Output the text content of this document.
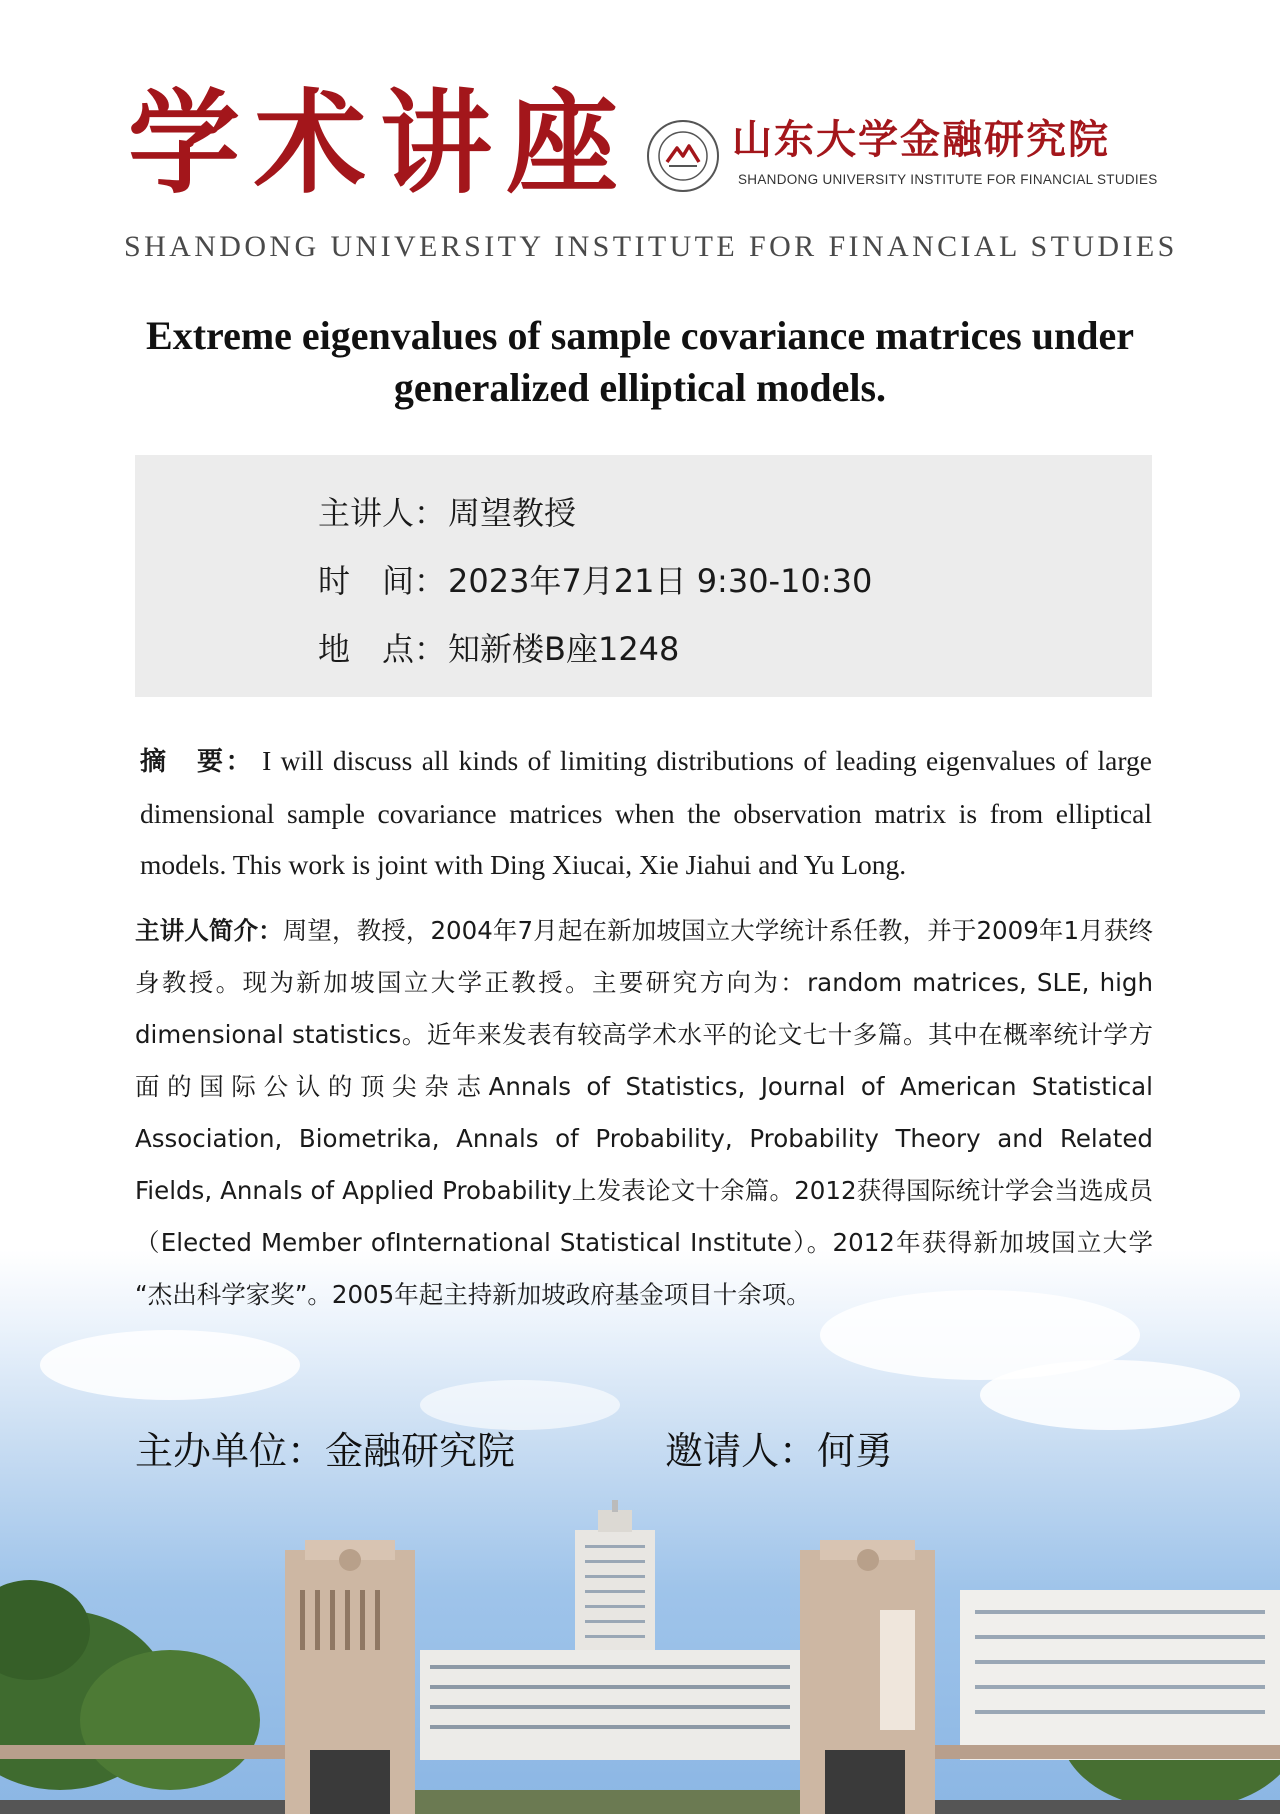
学术讲座	山东大学金融研究院
SHANDONG UNIVERSITY INSTITUTE FOR FINANCIAL STUDIES
SHANDONG UNIVERSITY INSTITUTE FOR FINANCIAL STUDIES
Extreme eigenvalues of sample covariance matrices under
generalized elliptical models.
主讲人：周望教授
时　间：2023年7月21日 9:30-10:30
地　点：知新楼B座1248
摘　要： I will discuss all kinds of limiting distributions of leading eigenvalues of large dimensional sample covariance matrices when the observation matrix is from elliptical models. This work is joint with Ding Xiucai, Xie Jiahui and Yu Long.
主讲人简介：周望，教授，2004年7月起在新加坡国立大学统计系任教，并于2009年1月获终身教授。现为新加坡国立大学正教授。主要研究方向为：random matrices, SLE, high dimensional statistics。近年来发表有较高学术水平的论文七十多篇。其中在概率统计学方面的国际公认的顶尖杂志Annals of Statistics, Journal of American Statistical Association, Biometrika, Annals of Probability, Probability Theory and Related Fields, Annals of Applied Probability上发表论文十余篇。2012获得国际统计学会当选成员（Elected Member ofInternational Statistical Institute）。2012年获得新加坡国立大学 “杰出科学家奖”。2005年起主持新加坡政府基金项目十余项。
主办单位：金融研究院	邀请人：何勇
